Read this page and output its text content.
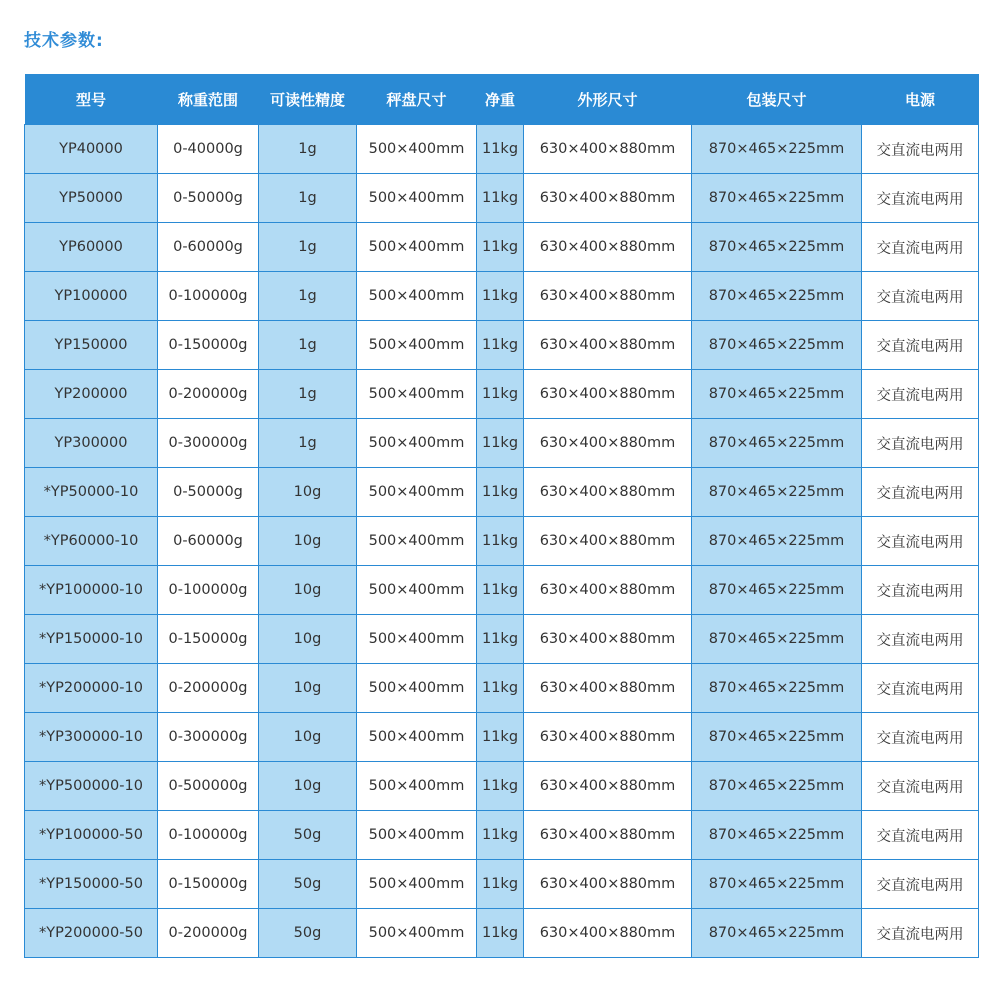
技术参数:
型号	称重范围	可读性精度	秤盘尺寸	净重	外形尺寸	包装尺寸	电源
YP40000	0-40000g	1g	500×400mm	11kg	630×400×880mm	870×465×225mm	交直流电两用
YP50000	0-50000g	1g	500×400mm	11kg	630×400×880mm	870×465×225mm	交直流电两用
YP60000	0-60000g	1g	500×400mm	11kg	630×400×880mm	870×465×225mm	交直流电两用
YP100000	0-100000g	1g	500×400mm	11kg	630×400×880mm	870×465×225mm	交直流电两用
YP150000	0-150000g	1g	500×400mm	11kg	630×400×880mm	870×465×225mm	交直流电两用
YP200000	0-200000g	1g	500×400mm	11kg	630×400×880mm	870×465×225mm	交直流电两用
YP300000	0-300000g	1g	500×400mm	11kg	630×400×880mm	870×465×225mm	交直流电两用
*YP50000-10	0-50000g	10g	500×400mm	11kg	630×400×880mm	870×465×225mm	交直流电两用
*YP60000-10	0-60000g	10g	500×400mm	11kg	630×400×880mm	870×465×225mm	交直流电两用
*YP100000-10	0-100000g	10g	500×400mm	11kg	630×400×880mm	870×465×225mm	交直流电两用
*YP150000-10	0-150000g	10g	500×400mm	11kg	630×400×880mm	870×465×225mm	交直流电两用
*YP200000-10	0-200000g	10g	500×400mm	11kg	630×400×880mm	870×465×225mm	交直流电两用
*YP300000-10	0-300000g	10g	500×400mm	11kg	630×400×880mm	870×465×225mm	交直流电两用
*YP500000-10	0-500000g	10g	500×400mm	11kg	630×400×880mm	870×465×225mm	交直流电两用
*YP100000-50	0-100000g	50g	500×400mm	11kg	630×400×880mm	870×465×225mm	交直流电两用
*YP150000-50	0-150000g	50g	500×400mm	11kg	630×400×880mm	870×465×225mm	交直流电两用
*YP200000-50	0-200000g	50g	500×400mm	11kg	630×400×880mm	870×465×225mm	交直流电两用
